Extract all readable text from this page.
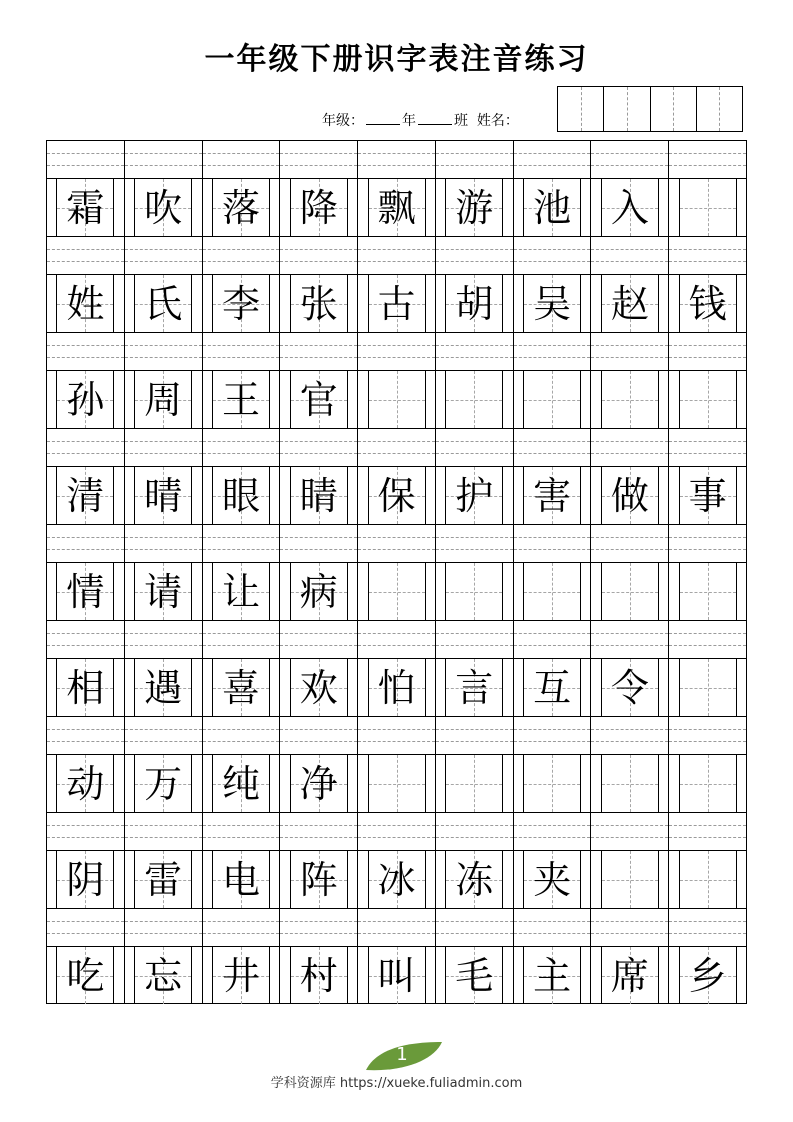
一年级下册识字表注音练习
年级：	年	班 姓名：
霜 吹 落 降 飘 游 池 入
姓 氏 李 张 古 胡 吴 赵 钱
孙 周 王 官
清 晴 眼 睛 保 护 害 做 事
情 请 让 病
相 遇 喜 欢 怕 言 互 令
动 万 纯 净
阴 雷 电 阵 冰 冻 夹
吃 忘 井 村 叫 毛 主 席 乡
1
学科资源库 https://xueke.fuliadmin.com
